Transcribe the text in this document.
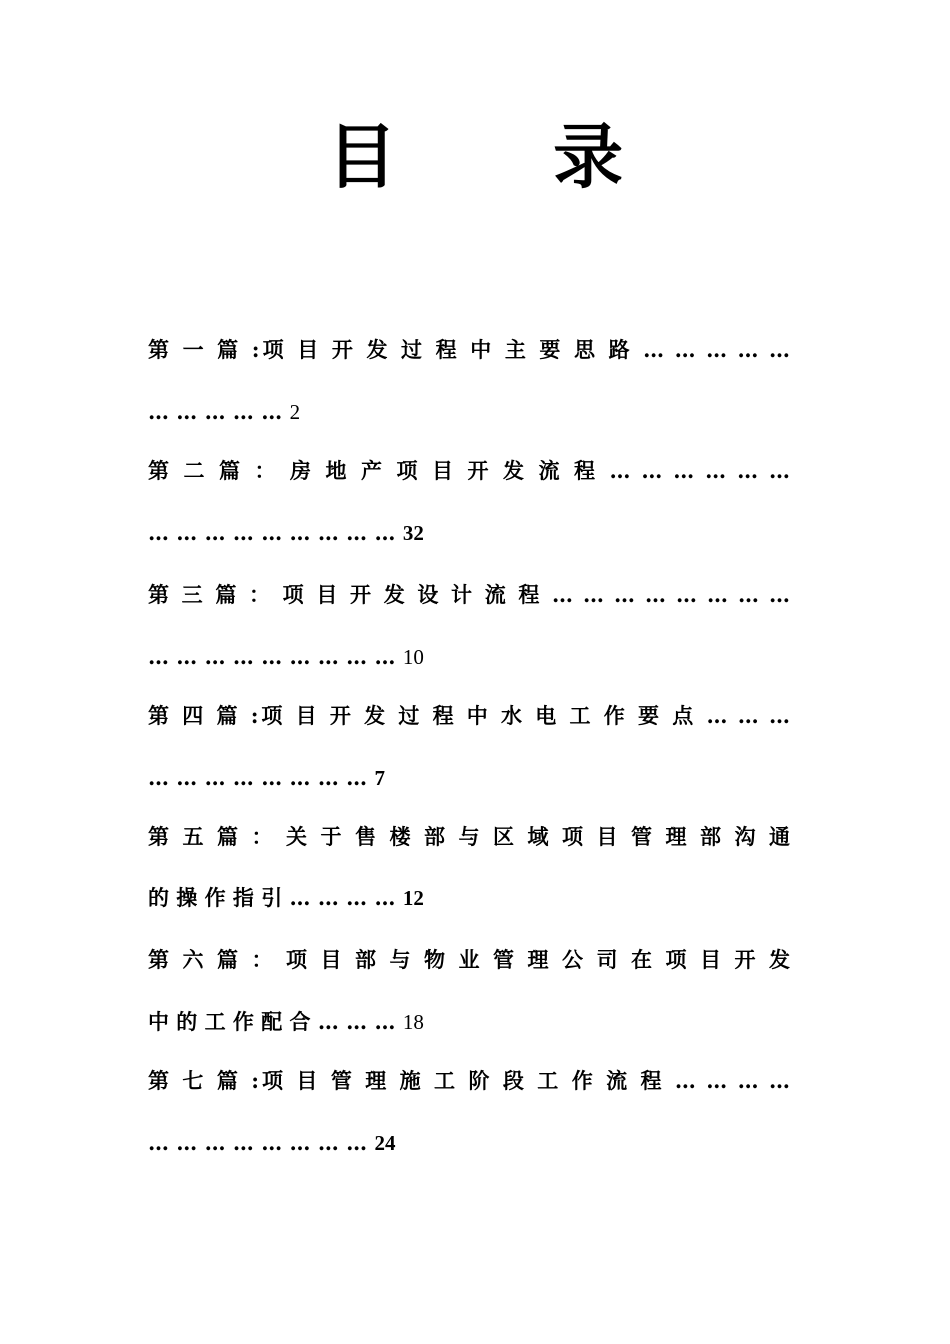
目 录
第 一 篇 :项 目 开 发 过 程 中 主 要 思 路 … … … … …
… … … … … 2
第 二 篇 ： 房 地 产 项 目 开 发 流 程 … … … … … …
… … … … … … … … … 32
第 三 篇 ： 项 目 开 发 设 计 流 程 … … … … … … … …
… … … … … … … … … 10
第 四 篇 :项 目 开 发 过 程 中 水 电 工 作 要 点 … … …
… … … … … … … … 7
第 五 篇 ： 关 于 售 楼 部 与 区 域 项 目 管 理 部 沟 通
的 操 作 指 引 … … … … 12
第 六 篇 ： 项 目 部 与 物 业 管 理 公 司 在 项 目 开 发
中 的 工 作 配 合 … … … 18
第 七 篇 :项 目 管 理 施 工 阶 段 工 作 流 程 … … … …
… … … … … … … … 24
